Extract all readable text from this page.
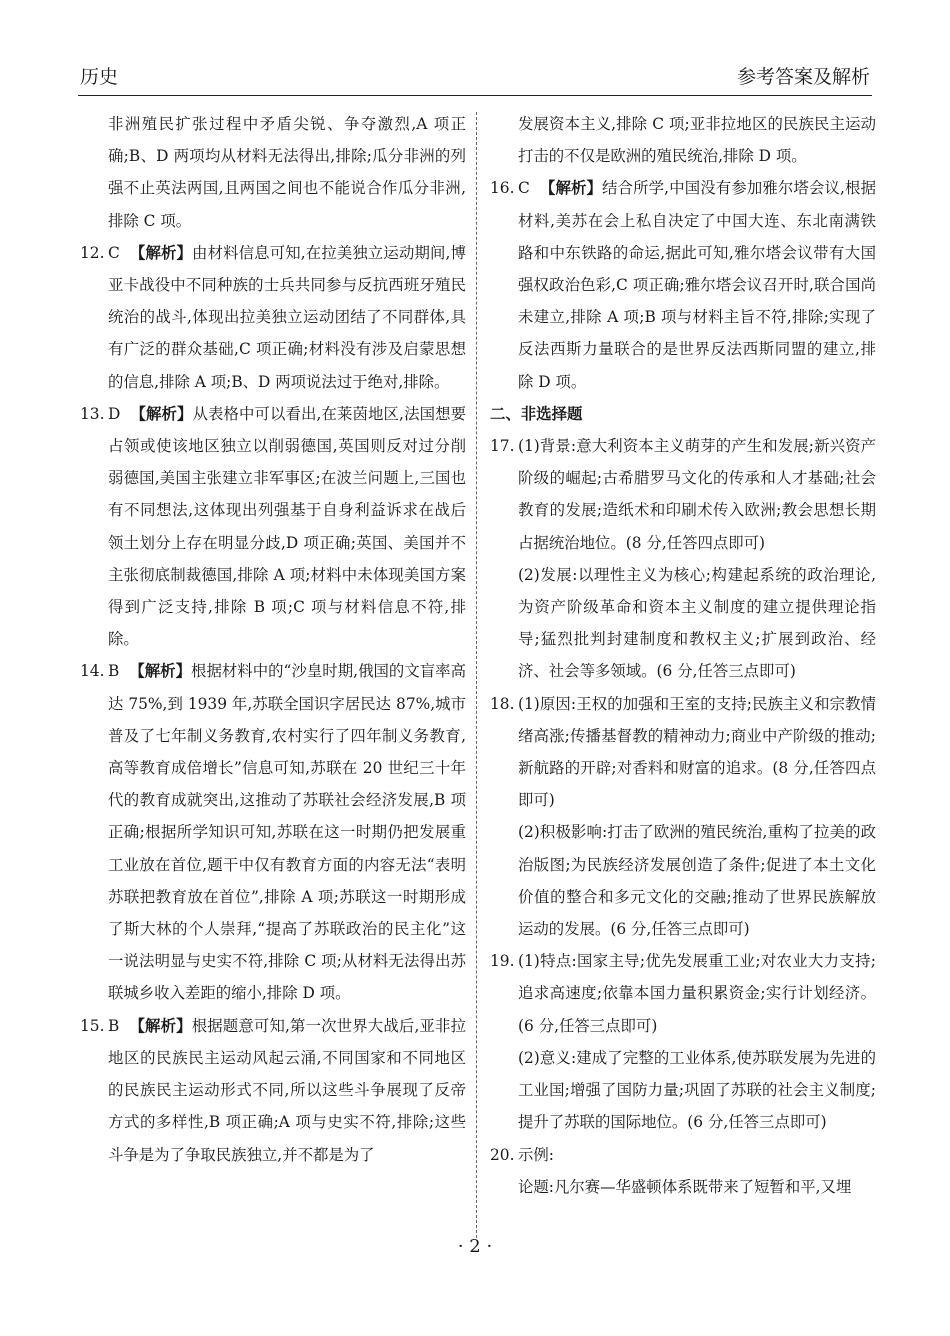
历史	参考答案及解析

非洲殖民扩张过程中矛盾尖锐、争夺激烈,A 项正确;B、D 两项均从材料无法得出,排除;瓜分非洲的列强不止英法两国,且两国之间也不能说合作瓜分非洲,排除 C 项。

12. C 【解析】由材料信息可知,在拉美独立运动期间,博亚卡战役中不同种族的士兵共同参与反抗西班牙殖民统治的战斗,体现出拉美独立运动团结了不同群体,具有广泛的群众基础,C 项正确;材料没有涉及启蒙思想的信息,排除 A 项;B、D 两项说法过于绝对,排除。

13. D 【解析】从表格中可以看出,在莱茵地区,法国想要占领或使该地区独立以削弱德国,英国则反对过分削弱德国,美国主张建立非军事区;在波兰问题上,三国也有不同想法,这体现出列强基于自身利益诉求在战后领土划分上存在明显分歧,D 项正确;英国、美国并不主张彻底制裁德国,排除 A 项;材料中未体现美国方案得到广泛支持,排除 B 项;C 项与材料信息不符,排除。

14. B 【解析】根据材料中的“沙皇时期,俄国的文盲率高达 75%,到 1939 年,苏联全国识字居民达 87%,城市普及了七年制义务教育,农村实行了四年制义务教育,高等教育成倍增长”信息可知,苏联在 20 世纪三十年代的教育成就突出,这推动了苏联社会经济发展,B 项正确;根据所学知识可知,苏联在这一时期仍把发展重工业放在首位,题干中仅有教育方面的内容无法“表明苏联把教育放在首位”,排除 A 项;苏联这一时期形成了斯大林的个人崇拜,“提高了苏联政治的民主化”这一说法明显与史实不符,排除 C 项;从材料无法得出苏联城乡收入差距的缩小,排除 D 项。

15. B 【解析】根据题意可知,第一次世界大战后,亚非拉地区的民族民主运动风起云涌,不同国家和不同地区的民族民主运动形式不同,所以这些斗争展现了反帝方式的多样性,B 项正确;A 项与史实不符,排除;这些斗争是为了争取民族独立,并不都是为了

发展资本主义,排除 C 项;亚非拉地区的民族民主运动打击的不仅是欧洲的殖民统治,排除 D 项。

16. C 【解析】结合所学,中国没有参加雅尔塔会议,根据材料,美苏在会上私自决定了中国大连、东北南满铁路和中东铁路的命运,据此可知,雅尔塔会议带有大国强权政治色彩,C 项正确;雅尔塔会议召开时,联合国尚未建立,排除 A 项;B 项与材料主旨不符,排除;实现了反法西斯力量联合的是世界反法西斯同盟的建立,排除 D 项。

二、非选择题

17. (1)背景:意大利资本主义萌芽的产生和发展;新兴资产阶级的崛起;古希腊罗马文化的传承和人才基础;社会教育的发展;造纸术和印刷术传入欧洲;教会思想长期占据统治地位。(8 分,任答四点即可)

(2)发展:以理性主义为核心;构建起系统的政治理论,为资产阶级革命和资本主义制度的建立提供理论指导;猛烈批判封建制度和教权主义;扩展到政治、经济、社会等多领域。(6 分,任答三点即可)

18. (1)原因:王权的加强和王室的支持;民族主义和宗教情绪高涨;传播基督教的精神动力;商业中产阶级的推动;新航路的开辟;对香料和财富的追求。(8 分,任答四点即可)

(2)积极影响:打击了欧洲的殖民统治,重构了拉美的政治版图;为民族经济发展创造了条件;促进了本土文化价值的整合和多元文化的交融;推动了世界民族解放运动的发展。(6 分,任答三点即可)

19. (1)特点:国家主导;优先发展重工业;对农业大力支持;追求高速度;依靠本国力量积累资金;实行计划经济。(6 分,任答三点即可)

(2)意义:建成了完整的工业体系,使苏联发展为先进的工业国;增强了国防力量;巩固了苏联的社会主义制度;提升了苏联的国际地位。(6 分,任答三点即可)

20. 示例:

论题:凡尔赛—华盛顿体系既带来了短暂和平,又埋

· 2 ·
